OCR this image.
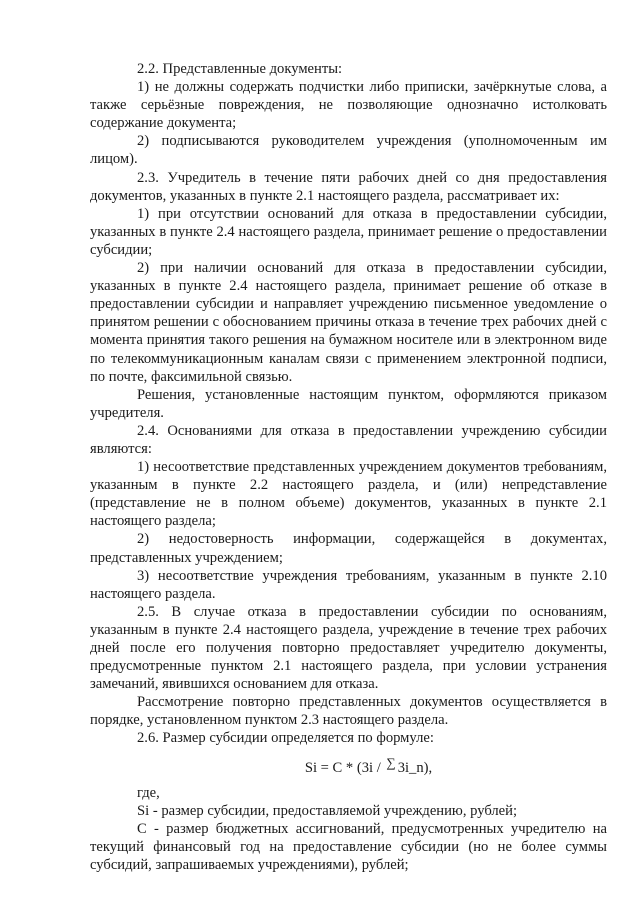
2.2. Представленные документы:

1) не должны содержать подчистки либо приписки, зачёркнутые слова, а также серьёзные повреждения, не позволяющие однозначно истолковать содержание документа;

2) подписываются руководителем учреждения (уполномоченным им лицом).

2.3. Учредитель в течение пяти рабочих дней со дня предоставления документов, указанных в пункте 2.1 настоящего раздела, рассматривает их:

1) при отсутствии оснований для отказа в предоставлении субсидии, указанных в пункте 2.4 настоящего раздела, принимает решение о предоставлении субсидии;

2) при наличии оснований для отказа в предоставлении субсидии, указанных в пункте 2.4 настоящего раздела, принимает решение об отказе в предоставлении субсидии и направляет учреждению письменное уведомление о принятом решении с обоснованием причины отказа в течение трех рабочих дней с момента принятия такого решения на бумажном носителе или в электронном виде по телекоммуникационным каналам связи с применением электронной подписи, по почте, факсимильной связью.

Решения, установленные настоящим пунктом, оформляются приказом учредителя.

2.4. Основаниями для отказа в предоставлении учреждению субсидии являются:

1) несоответствие представленных учреждением документов требованиям, указанным в пункте 2.2 настоящего раздела, и (или) непредставление (представление не в полном объеме) документов, указанных в пункте 2.1 настоящего раздела;

2) недостоверность информации, содержащейся в документах, представленных учреждением;

3) несоответствие учреждения требованиям, указанным в пункте 2.10 настоящего раздела.

2.5. В случае отказа в предоставлении субсидии по основаниям, указанным в пункте 2.4 настоящего раздела, учреждение в течение трех рабочих дней после его получения повторно предоставляет учредителю документы, предусмотренные пунктом 2.1 настоящего раздела, при условии устранения замечаний, явившихся основанием для отказа.

Рассмотрение повторно представленных документов осуществляется в порядке, установленном пунктом 2.3 настоящего раздела.

2.6. Размер субсидии определяется по формуле:

Si = C * (3i / ∑ 3i_n),

где,

Si - размер субсидии, предоставляемой учреждению, рублей;

C - размер бюджетных ассигнований, предусмотренных учредителю на текущий финансовый год на предоставление субсидии (но не более суммы субсидий, запрашиваемых учреждениями), рублей;
